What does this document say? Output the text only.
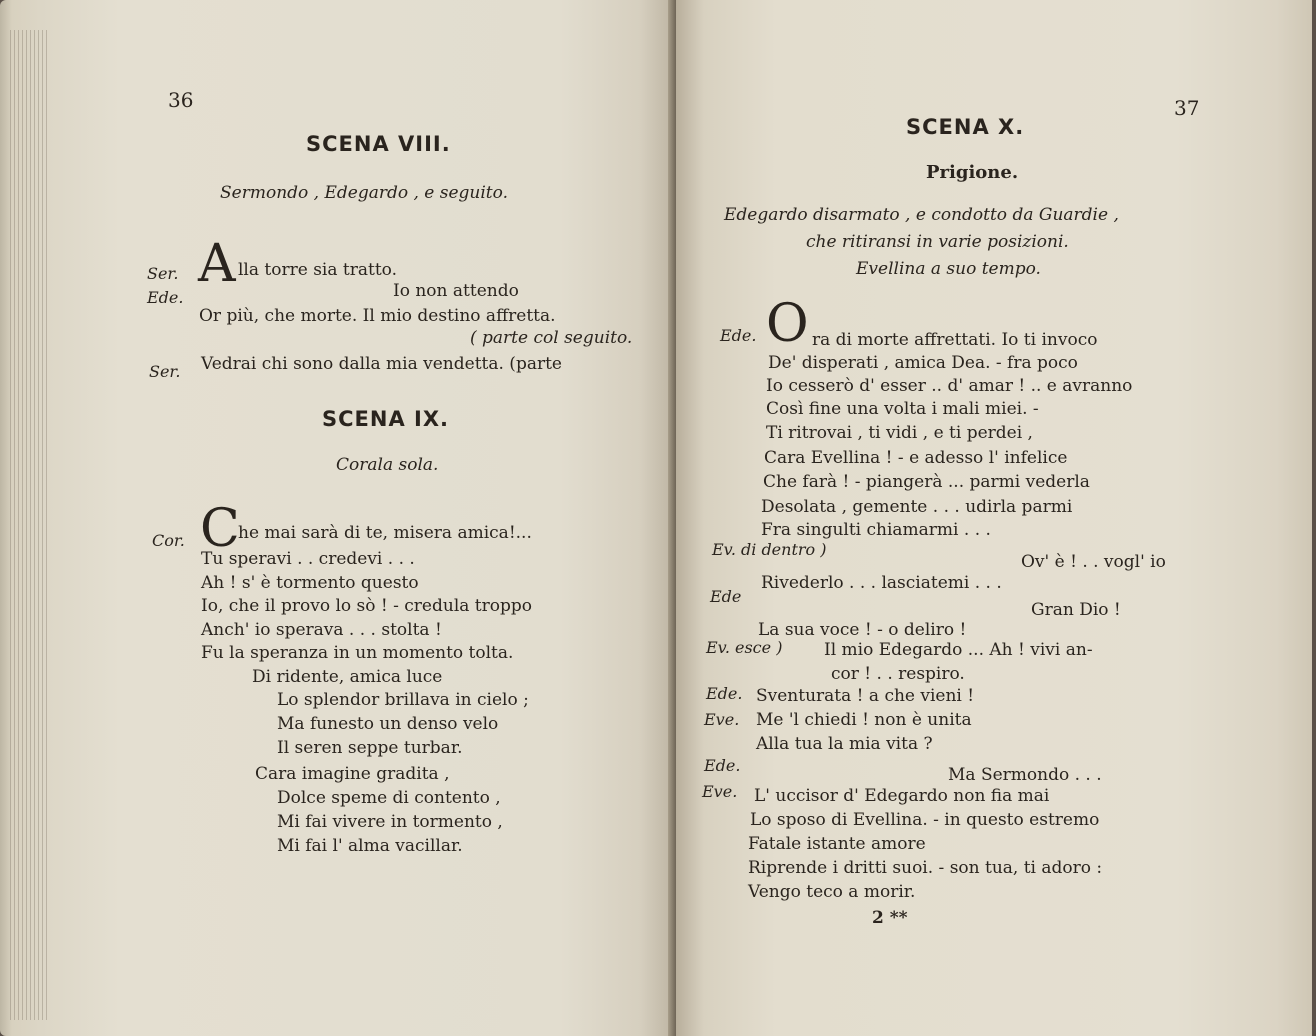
36
SCENA VIII.
Sermondo , Edegardo , e seguito.
Ser. A lla torre sia tratto.
Ede.	Io non attendo
Or più, che morte. Il mio destino affretta.
( parte col seguito.
Ser. Vedrai chi sono dalla mia vendetta. (parte
SCENA IX.
Corala sola.
Cor. C
he mai sarà di te, misera amica!...
Tu speravi . . credevi . . .
Ah ! s' è tormento questo
Io, che il provo lo sò ! - credula troppo
Anch' io sperava . . . stolta !
Fu la speranza in un momento tolta.
Di ridente, amica luce
Lo splendor brillava in cielo ;
Ma funesto un denso velo
Il seren seppe turbar.
Cara imagine gradita ,
Dolce speme di contento ,
Mi fai vivere in tormento ,
Mi fai l' alma vacillar.
37
SCENA X.
Prigione.
Edegardo disarmato , e condotto da Guardie ,
che ritiransi in varie posizioni.
Evellina a suo tempo.
Ede. O ra di morte affrettati. Io ti invoco
De' disperati , amica Dea. - fra poco
Io cesserò d' esser .. d' amar ! .. e avranno
Così fine una volta i mali miei. -
Ti ritrovai , ti vidi , e ti perdei ,
Cara Evellina ! - e adesso l' infelice
Che farà ! - piangerà ... parmi vederla
Desolata , gemente . . . udirla parmi
Fra singulti chiamarmi . . .
Ev. di dentro )
Ov' è ! . . vogl' io
Rivederlo . . . lasciatemi . . .
Ede
Gran Dio !
La sua voce ! - o deliro !
Ev. esce ) Il mio Edegardo ... Ah ! vivi an-
cor ! . . respiro.
Ede. Sventurata ! a che vieni !
Eve. Me 'l chiedi ! non è unita
Alla tua la mia vita ?
Ede.	Ma Sermondo . . .
Eve. L' uccisor d' Edegardo non fia mai
Lo sposo di Evellina. - in questo estremo
Fatale istante amore
Riprende i dritti suoi. - son tua, ti adoro :
Vengo teco a morir.
2 **
